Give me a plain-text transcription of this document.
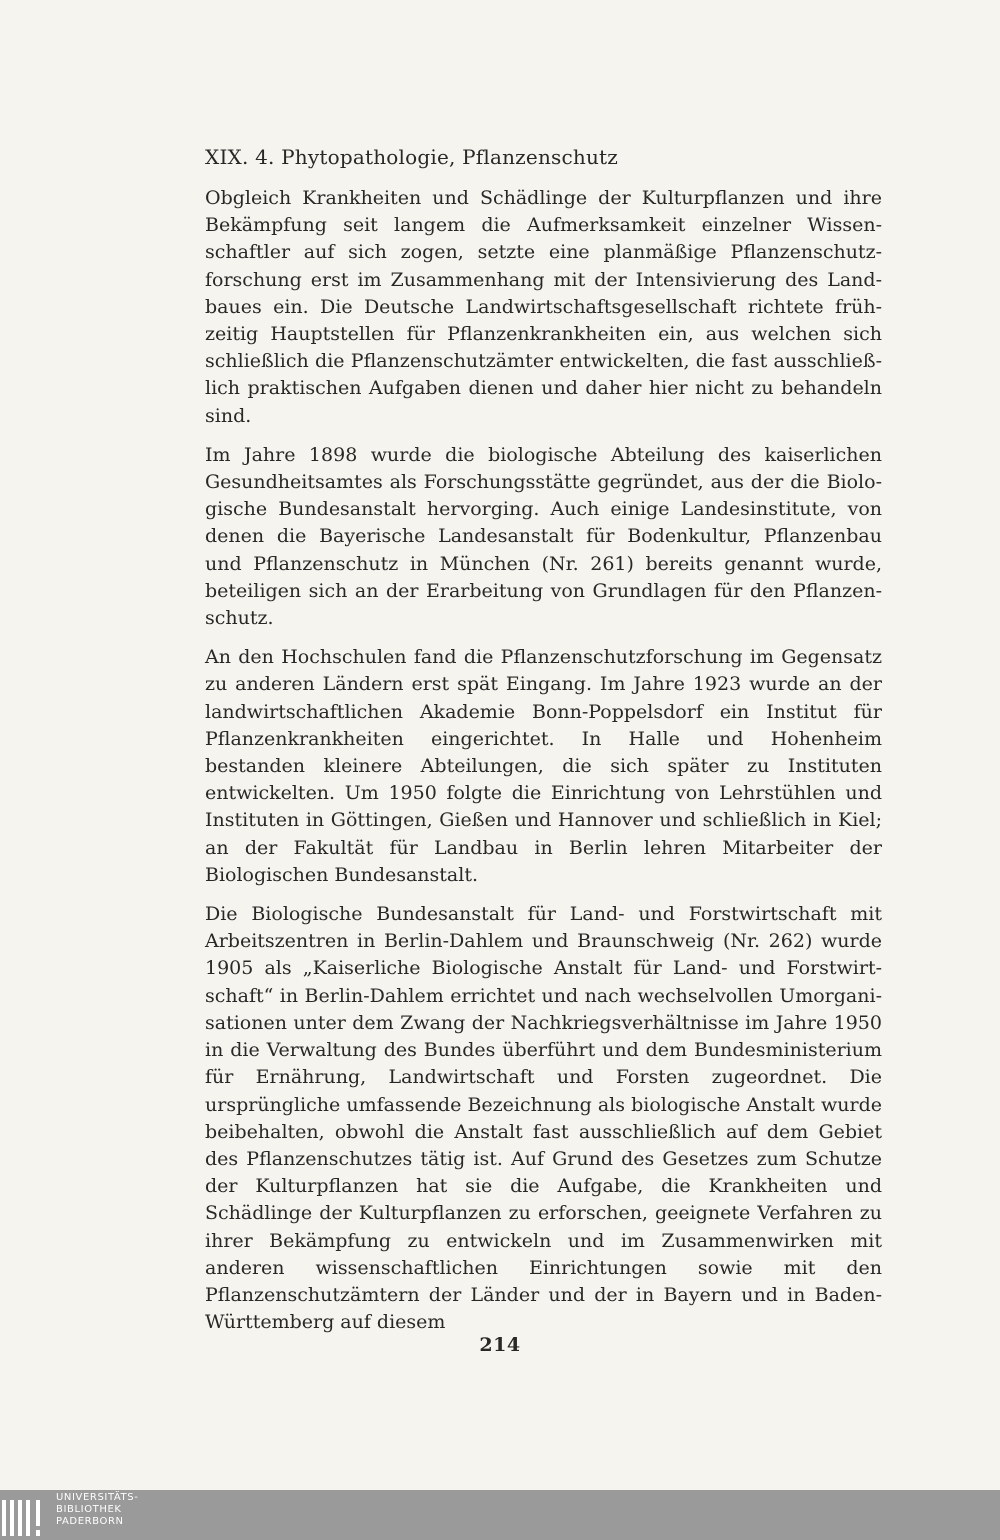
XIX. 4. Phytopathologie, Pflanzenschutz

Obgleich Krankheiten und Schädlinge der Kulturpflanzen und ihre Bekämpfung seit langem die Aufmerksamkeit einzelner Wissenschaftler auf sich zogen, setzte eine planmäßige Pflanzenschutzforschung erst im Zusammenhang mit der Intensivierung des Landbaues ein. Die Deutsche Landwirtschaftsgesellschaft richtete frühzeitig Hauptstellen für Pflanzenkrankheiten ein, aus welchen sich schließlich die Pflanzenschutzämter entwickelten, die fast ausschließlich praktischen Aufgaben dienen und daher hier nicht zu behandeln sind.

Im Jahre 1898 wurde die biologische Abteilung des kaiserlichen Gesundheitsamtes als Forschungsstätte gegründet, aus der die Biologische Bundesanstalt hervorging. Auch einige Landesinstitute, von denen die Bayerische Landesanstalt für Bodenkultur, Pflanzenbau und Pflanzenschutz in München (Nr. 261) bereits genannt wurde, beteiligen sich an der Erarbeitung von Grundlagen für den Pflanzenschutz.

An den Hochschulen fand die Pflanzenschutzforschung im Gegensatz zu anderen Ländern erst spät Eingang. Im Jahre 1923 wurde an der landwirtschaftlichen Akademie Bonn-Poppelsdorf ein Institut für Pflanzenkrankheiten eingerichtet. In Halle und Hohenheim bestanden kleinere Abteilungen, die sich später zu Instituten entwickelten. Um 1950 folgte die Einrichtung von Lehrstühlen und Instituten in Göttingen, Gießen und Hannover und schließlich in Kiel; an der Fakultät für Landbau in Berlin lehren Mitarbeiter der Biologischen Bundesanstalt.

Die Biologische Bundesanstalt für Land- und Forstwirtschaft mit Arbeitszentren in Berlin-Dahlem und Braunschweig (Nr. 262) wurde 1905 als „Kaiserliche Biologische Anstalt für Land- und Forstwirtschaft“ in Berlin-Dahlem errichtet und nach wechselvollen Umorganisationen unter dem Zwang der Nachkriegsverhältnisse im Jahre 1950 in die Verwaltung des Bundes überführt und dem Bundesministerium für Ernährung, Landwirtschaft und Forsten zugeordnet. Die ursprüngliche umfassende Bezeichnung als biologische Anstalt wurde beibehalten, obwohl die Anstalt fast ausschließlich auf dem Gebiet des Pflanzenschutzes tätig ist. Auf Grund des Gesetzes zum Schutze der Kulturpflanzen hat sie die Aufgabe, die Krankheiten und Schädlinge der Kulturpflanzen zu erforschen, geeignete Verfahren zu ihrer Bekämpfung zu entwickeln und im Zusammenwirken mit anderen wissenschaftlichen Einrichtungen sowie mit den Pflanzenschutzämtern der Länder und der in Bayern und in Baden-Württemberg auf diesem

214
UNIVERSITÄTS-
BIBLIOTHEK
PADERBORN
